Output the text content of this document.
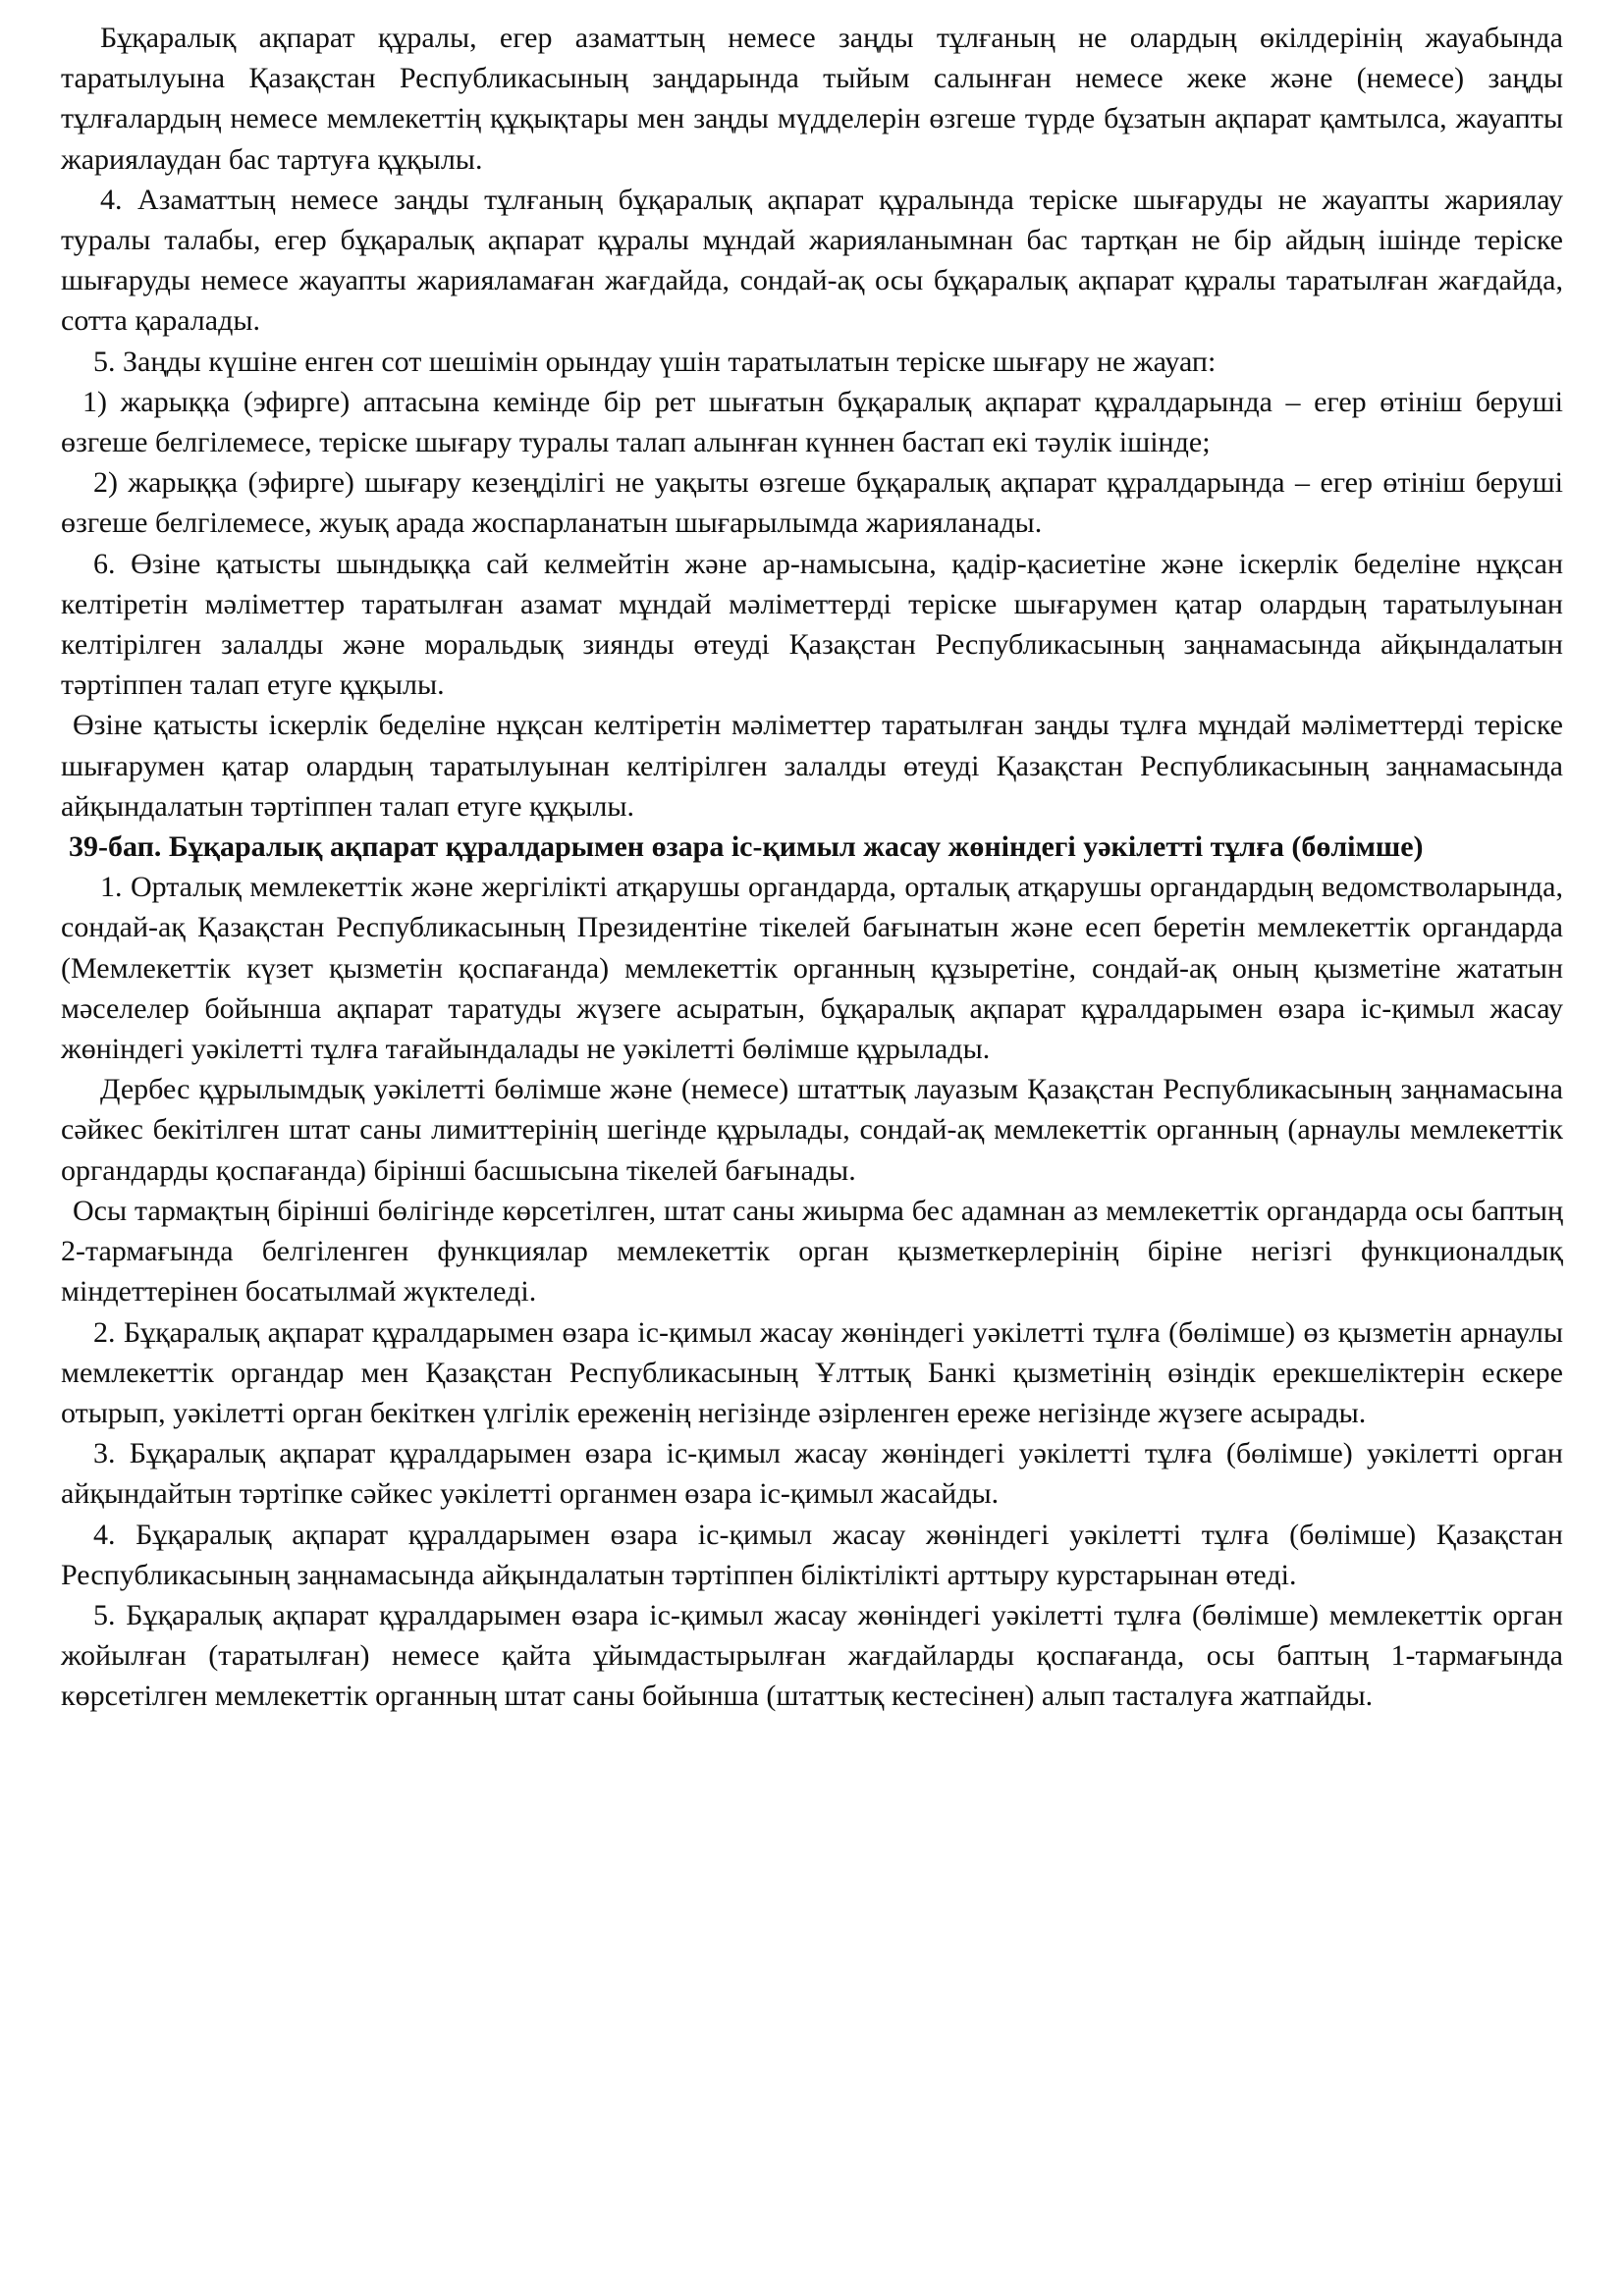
Бұқаралық ақпарат құралы, егер азаматтың немесе заңды тұлғаның не олардың өкілдерінің жауабында таратылуына Қазақстан Республикасының заңдарында тыйым салынған немесе жеке және (немесе) заңды тұлғалардың немесе мемлекеттің құқықтары мен заңды мүдделерін өзгеше түрде бұзатын ақпарат қамтылса, жауапты жариялаудан бас тартуға құқылы.

4. Азаматтың немесе заңды тұлғаның бұқаралық ақпарат құралында теріске шығаруды не жауапты жариялау туралы талабы, егер бұқаралық ақпарат құралы мұндай жарияланымнан бас тартқан не бір айдың ішінде теріске шығаруды немесе жауапты жарияламаған жағдайда, сондай-ақ осы бұқаралық ақпарат құралы таратылған жағдайда, сотта қаралады.

5. Заңды күшіне енген сот шешімін орындау үшін таратылатын теріске шығару не жауап:

1) жарыққа (эфирге) аптасына кемінде бір рет шығатын бұқаралық ақпарат құралдарында – егер өтініш беруші өзгеше белгілемесе, теріске шығару туралы талап алынған күннен бастап екі тәулік ішінде;

2) жарыққа (эфирге) шығару кезеңділігі не уақыты өзгеше бұқаралық ақпарат құралдарында – егер өтініш беруші өзгеше белгілемесе, жуық арада жоспарланатын шығарылымда жарияланады.

6. Өзіне қатысты шындыққа сай келмейтін және ар-намысына, қадір-қасиетіне және іскерлік беделіне нұқсан келтіретін мәліметтер таратылған азамат мұндай мәліметтерді теріске шығарумен қатар олардың таратылуынан келтірілген залалды және моральдық зиянды өтеуді Қазақстан Республикасының заңнамасында айқындалатын тәртіппен талап етуге құқылы.

Өзіне қатысты іскерлік беделіне нұқсан келтіретін мәліметтер таратылған заңды тұлға мұндай мәліметтерді теріске шығарумен қатар олардың таратылуынан келтірілген залалды өтеуді Қазақстан Республикасының заңнамасында айқындалатын тәртіппен талап етуге құқылы.

39-бап. Бұқаралық ақпарат құралдарымен өзара іс-қимыл жасау жөніндегі уәкілетті тұлға (бөлімше)

1. Орталық мемлекеттік және жергілікті атқарушы органдарда, орталық атқарушы органдардың ведомстволарында, сондай-ақ Қазақстан Республикасының Президентіне тікелей бағынатын және есеп беретін мемлекеттік органдарда (Мемлекеттік күзет қызметін қоспағанда) мемлекеттік органның құзыретіне, сондай-ақ оның қызметіне жататын мәселелер бойынша ақпарат таратуды жүзеге асыратын, бұқаралық ақпарат құралдарымен өзара іс-қимыл жасау жөніндегі уәкілетті тұлға тағайындалады не уәкілетті бөлімше құрылады.

Дербес құрылымдық уәкілетті бөлімше және (немесе) штаттық лауазым Қазақстан Республикасының заңнамасына сәйкес бекітілген штат саны лимиттерінің шегінде құрылады, сондай-ақ мемлекеттік органның (арнаулы мемлекеттік органдарды қоспағанда) бірінші басшысына тікелей бағынады.

Осы тармақтың бірінші бөлігінде көрсетілген, штат саны жиырма бес адамнан аз мемлекеттік органдарда осы баптың 2-тармағында белгіленген функциялар мемлекеттік орган қызметкерлерінің біріне негізгі функционалдық міндеттерінен босатылмай жүктеледі.

2. Бұқаралық ақпарат құралдарымен өзара іс-қимыл жасау жөніндегі уәкілетті тұлға (бөлімше) өз қызметін арнаулы мемлекеттік органдар мен Қазақстан Республикасының Ұлттық Банкі қызметінің өзіндік ерекшеліктерін ескере отырып, уәкілетті орган бекіткен үлгілік ереженің негізінде әзірленген ереже негізінде жүзеге асырады.

3. Бұқаралық ақпарат құралдарымен өзара іс-қимыл жасау жөніндегі уәкілетті тұлға (бөлімше) уәкілетті орган айқындайтын тәртіпке сәйкес уәкілетті органмен өзара іс-қимыл жасайды.

4. Бұқаралық ақпарат құралдарымен өзара іс-қимыл жасау жөніндегі уәкілетті тұлға (бөлімше) Қазақстан Республикасының заңнамасында айқындалатын тәртіппен біліктілікті арттыру курстарынан өтеді.

5. Бұқаралық ақпарат құралдарымен өзара іс-қимыл жасау жөніндегі уәкілетті тұлға (бөлімше) мемлекеттік орган жойылған (таратылған) немесе қайта ұйымдастырылған жағдайларды қоспағанда, осы баптың 1-тармағында көрсетілген мемлекеттік органның штат саны бойынша (штаттық кестесінен) алып тасталуға жатпайды.
